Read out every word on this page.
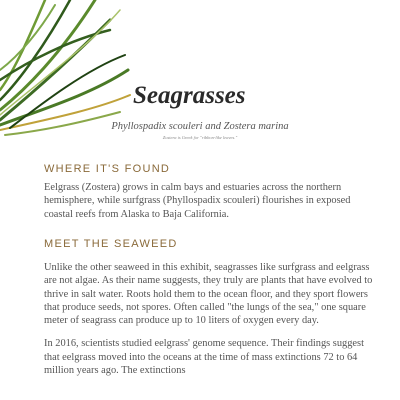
Seagrasses
Phyllospadix scouleri and Zostera marina
Zostera is Greek for "ribbon-like leaves."
WHERE IT'S FOUND

Eelgrass (Zostera) grows in calm bays and estuaries across the northern hemisphere, while surfgrass (Phyllospadix scouleri) flourishes in exposed coastal reefs from Alaska to Baja California.

MEET THE SEAWEED

Unlike the other seaweed in this exhibit, seagrasses like surfgrass and eelgrass are not algae. As their name suggests, they truly are plants that have evolved to thrive in salt water. Roots hold them to the ocean floor, and they sport flowers that produce seeds, not spores. Often called "the lungs of the sea," one square meter of seagrass can produce up to 10 liters of oxygen every day.

In 2016, scientists studied eelgrass' genome sequence. Their findings suggest that eelgrass moved into the oceans at the time of mass extinctions 72 to 64 million years ago. The extinctions
